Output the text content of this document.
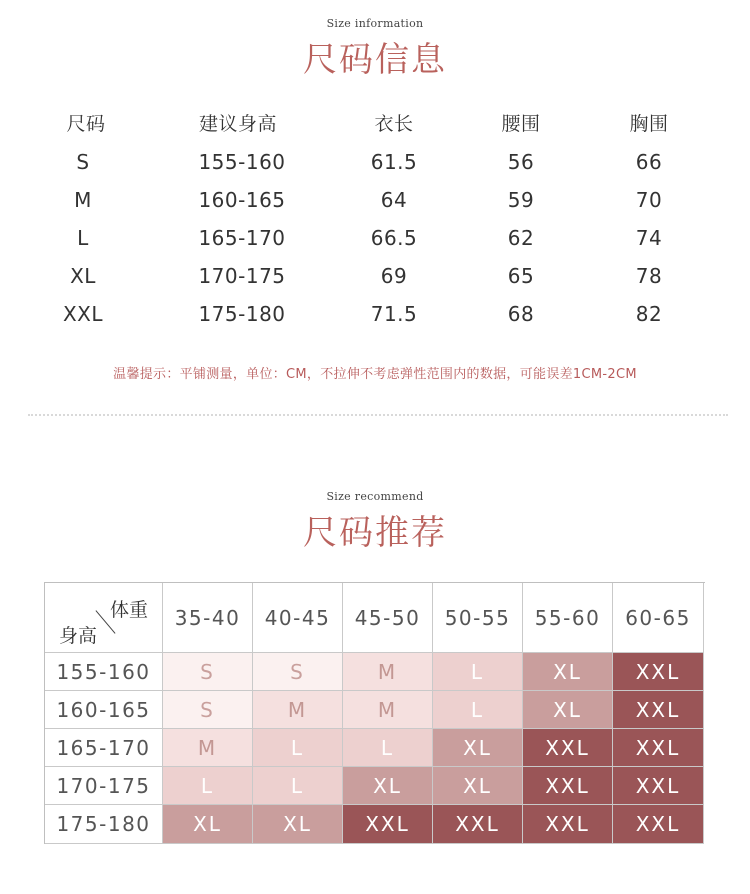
Size information
尺码信息
尺码	建议身高	衣长	腰围	胸围
S	155-160	61.5	56	66
M	160-165	64	59	70
L	165-170	66.5	62	74
XL	170-175	69	65	78
XXL	175-180	71.5	68	82
温馨提示：平铺测量，单位：CM，不拉伸不考虑弹性范围内的数据，可能误差1CM-2CM
Size recommend
尺码推荐
体重
身高
35-40	40-45	45-50	50-55	55-60	60-65
155-160	S	S	M	L	XL	XXL
160-165	S	M	M	L	XL	XXL
165-170	M	L	L	XL	XXL	XXL
170-175	L	L	XL	XL	XXL	XXL
175-180	XL	XL	XXL	XXL	XXL	XXL
